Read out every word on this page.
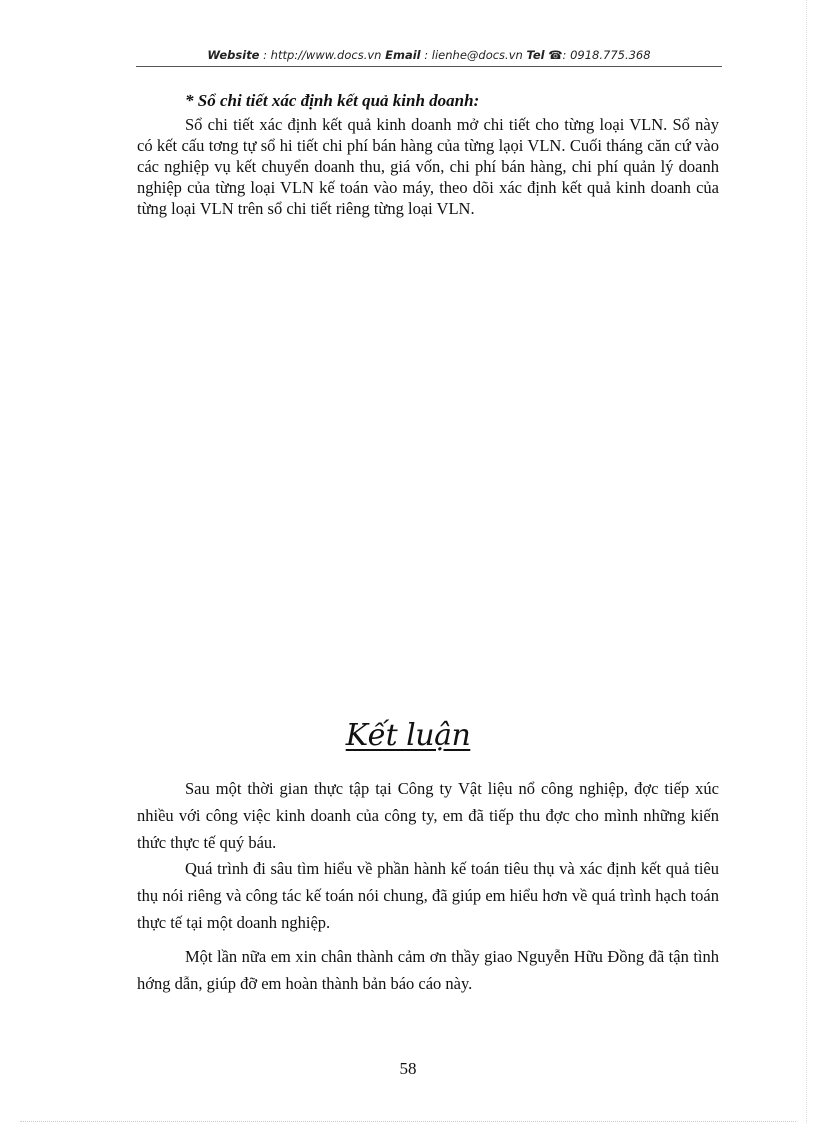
Website : http://www.docs.vn Email : lienhe@docs.vn Tel ☎: 0918.775.368
* Sổ chi tiết xác định kết quả kinh doanh:

Sổ chi tiết xác định kết quả kinh doanh mở chi tiết cho từng loại VLN. Sổ này có kết cấu tơng tự sổ hi tiết chi phí bán hàng của từng lạọi VLN. Cuối tháng căn cứ vào các nghiệp vụ kết chuyển doanh thu, giá vốn, chi phí bán hàng, chi phí quản lý doanh nghiệp của từng loại VLN kế toán vào máy, theo dõi xác định kết quả kinh doanh của từng loại VLN trên sổ chi tiết riêng từng loại VLN.

Kết luận

Sau một thời gian thực tập tại Công ty Vật liệu nổ công nghiệp, đợc tiếp xúc nhiều với công việc kinh doanh của công ty, em đã tiếp thu đợc cho mình những kiến thức thực tế quý báu.

Quá trình đi sâu tìm hiểu về phần hành kế toán tiêu thụ và xác định kết quả tiêu thụ nói riêng và công tác kế toán nói chung, đã giúp em hiểu hơn về quá trình hạch toán thực tế tại một doanh nghiệp.

Một lần nữa em xin chân thành cảm ơn thầy giao Nguyễn Hữu Đồng đã tận tình hớng dẫn, giúp đỡ em hoàn thành bản báo cáo này.

58
